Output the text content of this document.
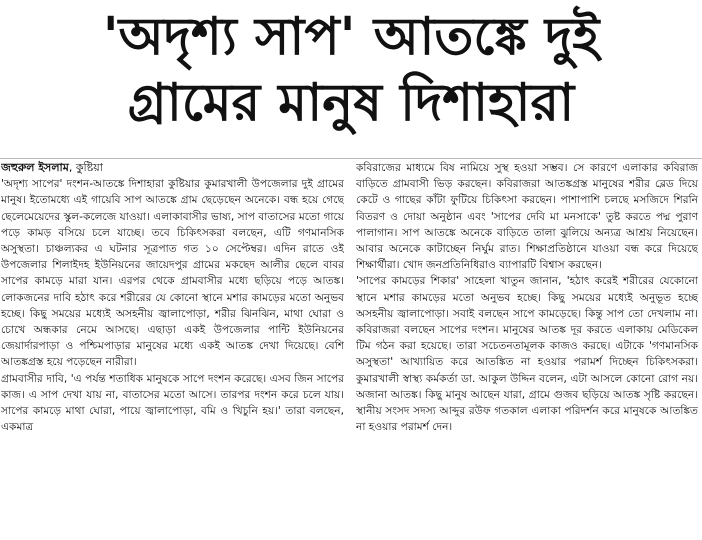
'অদৃশ্য সাপ' আতঙ্কে দুই
গ্রামের মানুষ দিশাহারা
জহুরুল ইসলাম, কুষ্টিয়া

'অদৃশ্য সাপের' দংশন-আতঙ্কে দিশাহারা কুষ্টিয়ার কুমারখালী উপজেলার দুই গ্রামের মানুষ। ইতোমধ্যে এই গায়েবি সাপ আতঙ্কে গ্রাম ছেড়েছেন অনেকে। বন্ধ হয়ে গেছে ছেলেমেয়েদের স্কুল-কলেজে যাওয়া। এলাকাবাসীর ভাষ্য, সাপ বাতাসের মতো গায়ে পড়ে কামড় বসিয়ে চলে যাচ্ছে। তবে চিকিৎসকরা বলছেন, এটি গণমানসিক অসুস্থতা। চাঞ্চল্যকর এ ঘটনার সূত্রপাত গত ১০ সেপ্টেম্বর। এদিন রাতে ওই উপজেলার শিলাইদহ ইউনিয়নের জায়েদপুর গ্রামের মকছেদ আলীর ছেলে বাবর সাপের কামড়ে মারা যান। এরপর থেকে গ্রামবাসীর মধ্যে ছড়িয়ে পড়ে আতঙ্ক। লোকজনের দাবি হঠাৎ করে শরীরের যে কোনো স্থানে মশার কামড়ের মতো অনুভব হচ্ছে। কিছু সময়ের মধ্যেই অসহনীয় জ্বালাপোড়া, শরীর ঝিনঝিন, মাথা ঘোরা ও চোখে অন্ধকার নেমে আসছে। এছাড়া একই উপজেলার পান্টি ইউনিয়নের জেয়ার্দারপাড়া ও পশ্চিমপাড়ার মানুষের মধ্যে একই আতঙ্ক দেখা দিয়েছে। বেশি আতঙ্কগ্রস্ত হয়ে পড়েছেন নারীরা।

গ্রামবাসীর দাবি, 'এ পর্যন্ত শতাধিক মানুষকে সাপে দংশন করেছে। এসব জিন সাপের কাজ। এ সাপ দেখা যায় না, বাতাসের মতো আসে। তারপর দংশন করে চলে যায়। সাপের কামড়ে মাথা ঘোরা, পায়ে জ্বালাপোড়া, বমি ও খিচুনি হয়।' তারা বলছেন, একমাত্র

কবিরাজের মাধ্যমে বিষ নামিয়ে সুস্থ হওয়া সম্ভব। সে কারণে এলাকার কবিরাজ বাড়িতে গ্রামবাসী ভিড় করছেন। কবিরাজরা আতঙ্কগ্রস্ত মানুষের শরীর ব্লেড দিয়ে কেটে ও গাছের কাঁটা ফুটিয়ে চিকিৎসা করছেন। পাশাপাশি চলছে মসজিদে শিরনি বিতরণ ও দোয়া অনুষ্ঠান এবং 'সাপের দেবি মা মনসাকে' তুষ্ট করতে পদ্ম পুরাণ পালাগান। সাপ আতঙ্কে অনেকে বাড়িতে তালা ঝুলিয়ে অন্যত্র আশ্রয় নিয়েছেন। আবার অনেকে কাটাচ্ছেন নির্ঘুম রাত। শিক্ষাপ্রতিষ্ঠানে যাওয়া বন্ধ করে দিয়েছে শিক্ষার্থীরা। খোদ জনপ্রতিনিধিরাও ব্যাপারটি বিশ্বাস করছেন।

'সাপের কামড়ের শিকার' সাহেলা খাতুন জানান, 'হঠাৎ করেই শরীরের যেকোনো স্থানে মশার কামড়ের মতো অনুভব হচ্ছে। কিছু সময়ের মধ্যেই অনুভূত হচ্ছে অসহনীয় জ্বালাপোড়া। সবাই বলছেন সাপে কামড়েছে। কিন্তু সাপ তো দেখলাম না। কবিরাজরা বলছেন সাপের দংশন। মানুষের আতঙ্ক দূর করতে এলাকায় মেডিকেল টিম গঠন করা হয়েছে। তারা সচেতনতামূলক কাজও করছে। এটাকে 'গণমানসিক অসুস্থতা' আখ্যায়িত করে আতঙ্কিত না হওয়ার পরামর্শ দিচ্ছেন চিকিৎসকরা। কুমারখালী স্বাস্থ্য কর্মকর্তা ডা. আকুল উদ্দিন বলেন, এটা আসলে কোনো রোগ নয়। অজানা আতঙ্ক। কিছু মানুষ আছেন যারা, গ্রামে গুজব ছড়িয়ে আতঙ্ক সৃষ্টি করছেন। স্থানীয় সংসদ সদস্য আব্দুর রউফ গতকাল এলাকা পরিদর্শন করে মানুষকে আতঙ্কিত না হওয়ার পরামর্শ দেন।
